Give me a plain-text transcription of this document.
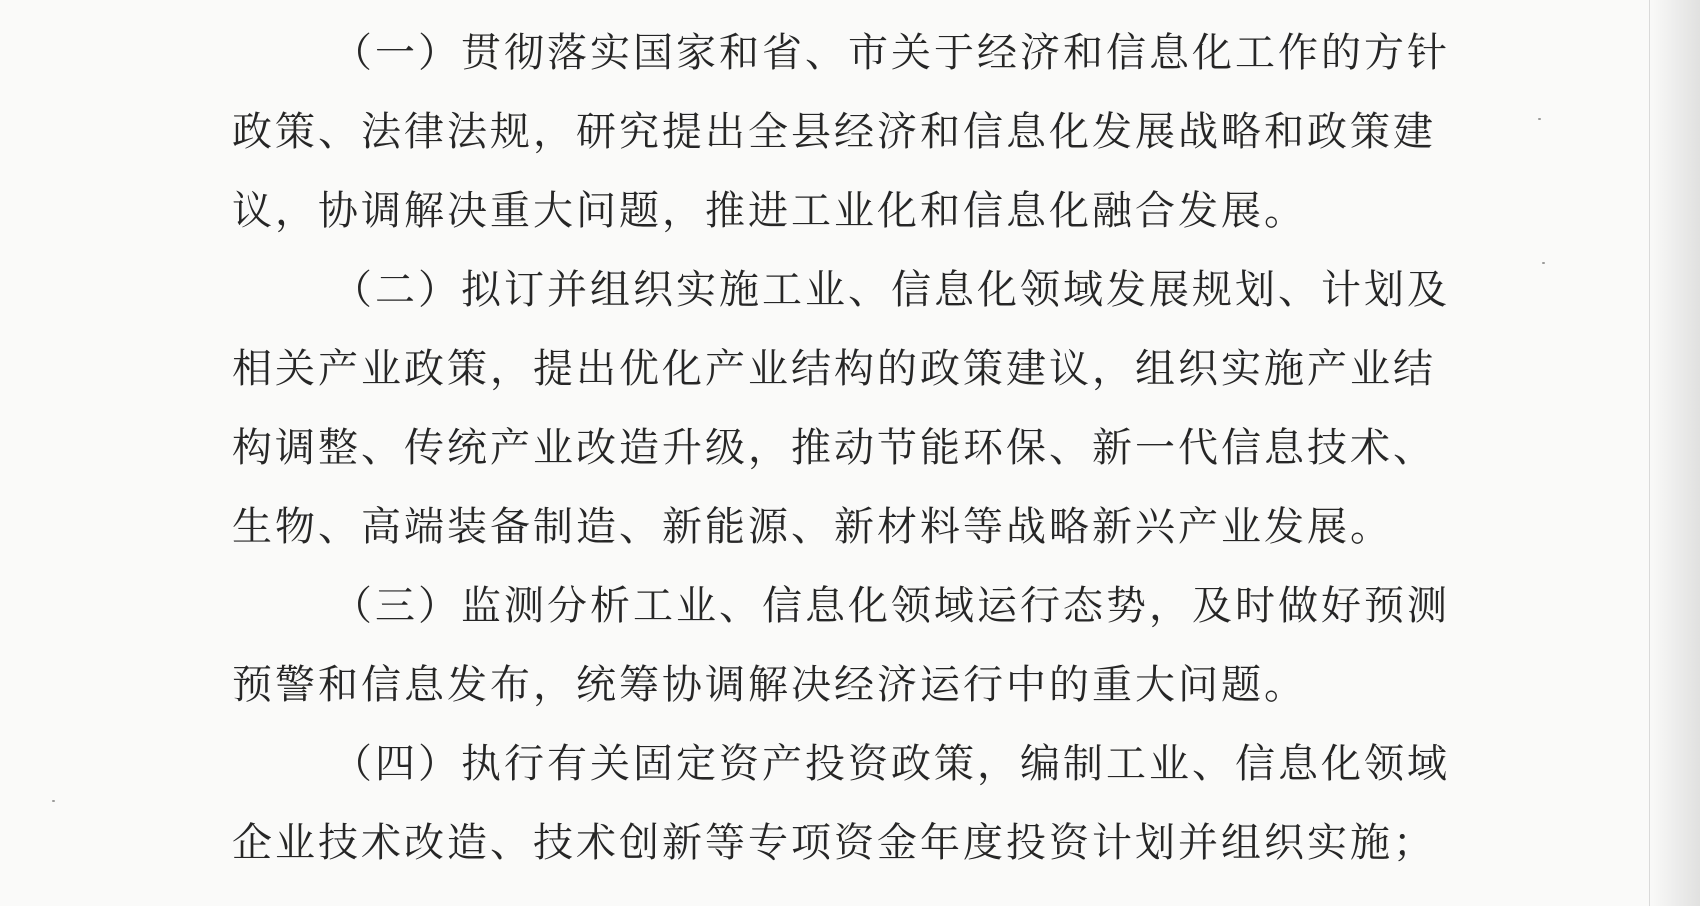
（一）贯彻落实国家和省、市关于经济和信息化工作的方针
政策、法律法规，研究提出全县经济和信息化发展战略和政策建
议，协调解决重大问题，推进工业化和信息化融合发展。
（二）拟订并组织实施工业、信息化领域发展规划、计划及
相关产业政策，提出优化产业结构的政策建议，组织实施产业结
构调整、传统产业改造升级，推动节能环保、新一代信息技术、
生物、高端装备制造、新能源、新材料等战略新兴产业发展。
（三）监测分析工业、信息化领域运行态势，及时做好预测
预警和信息发布，统筹协调解决经济运行中的重大问题。
（四）执行有关固定资产投资政策，编制工业、信息化领域
企业技术改造、技术创新等专项资金年度投资计划并组织实施；
